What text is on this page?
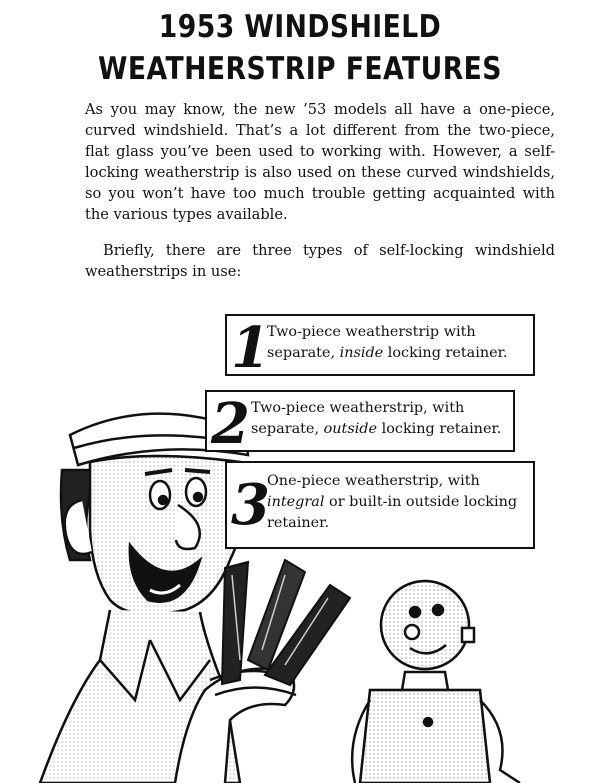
1953 WINDSHIELD
WEATHERSTRIP FEATURES
As you may know, the new ’53 models all have a one-piece, curved windshield. That’s a lot different from the two-piece, flat glass you’ve been used to working with. However, a self-locking weatherstrip is also used on these curved windshields, so you won’t have too much trouble getting acquainted with the various types available.
Briefly, there are three types of self-locking windshield weatherstrips in use:
1
Two-piece weatherstrip with separate, inside locking retainer.
2 Two-piece weatherstrip, with separate, outside locking retainer.
3
One-piece weatherstrip, with integral or built-in outside locking retainer.
